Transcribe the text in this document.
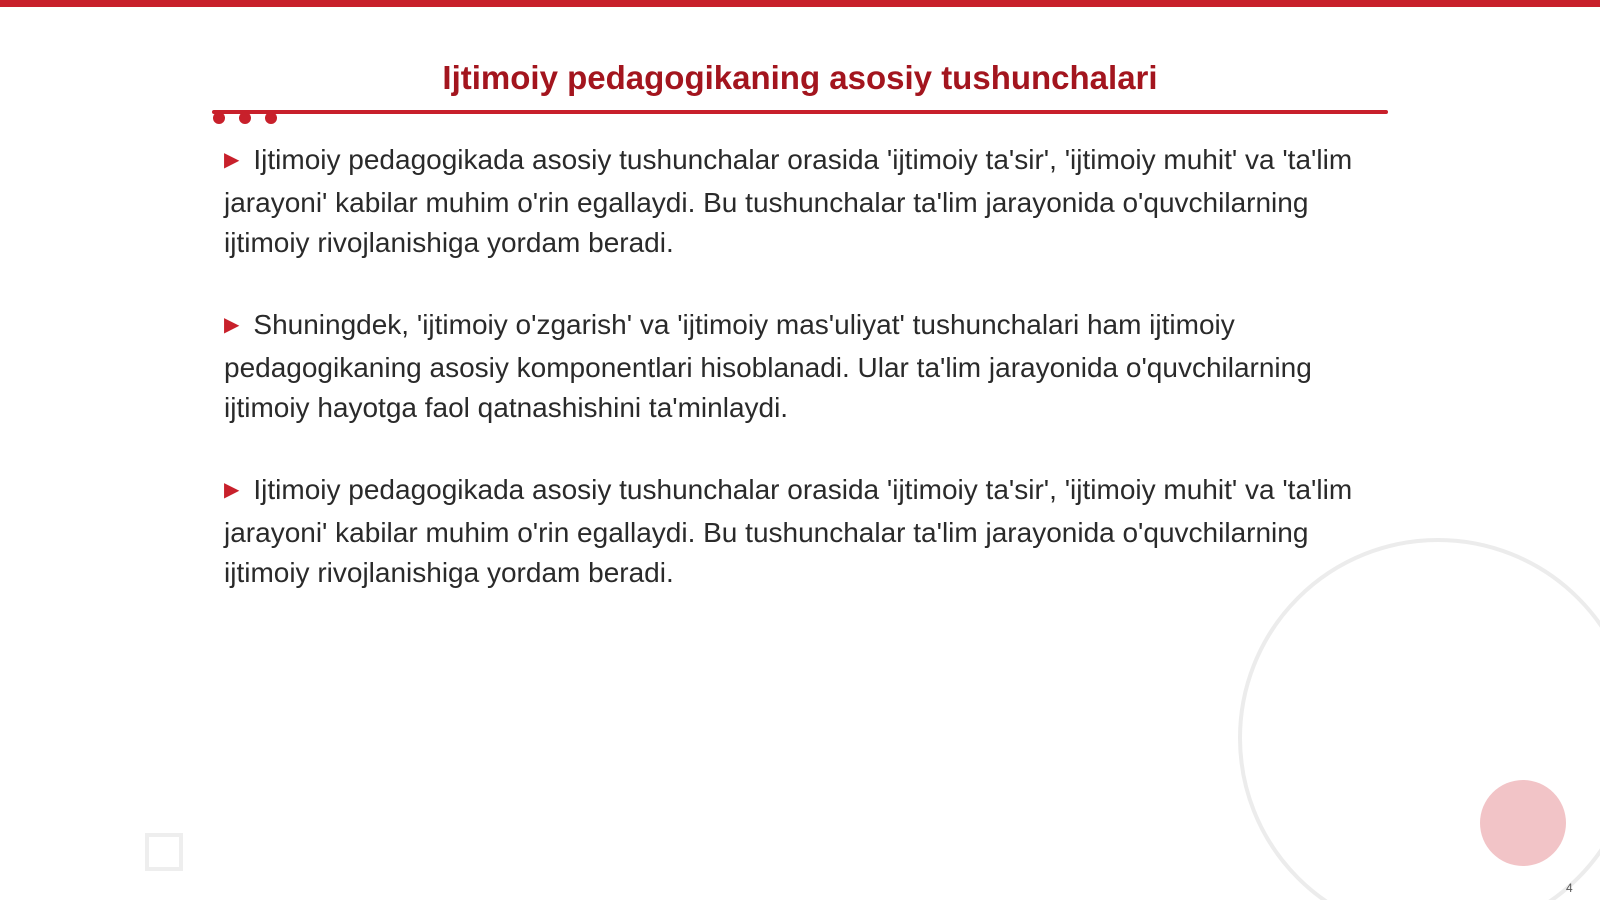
Ijtimoiy pedagogikaning asosiy tushunchalari

▶ Ijtimoiy pedagogikada asosiy tushunchalar orasida 'ijtimoiy ta'sir', 'ijtimoiy muhit' va 'ta'lim jarayoni' kabilar muhim o'rin egallaydi. Bu tushunchalar ta'lim jarayonida o'quvchilarning ijtimoiy rivojlanishiga yordam beradi.

▶ Shuningdek, 'ijtimoiy o'zgarish' va 'ijtimoiy mas'uliyat' tushunchalari ham ijtimoiy pedagogikaning asosiy komponentlari hisoblanadi. Ular ta'lim jarayonida o'quvchilarning ijtimoiy hayotga faol qatnashishini ta'minlaydi.

▶ Ijtimoiy pedagogikada asosiy tushunchalar orasida 'ijtimoiy ta'sir', 'ijtimoiy muhit' va 'ta'lim jarayoni' kabilar muhim o'rin egallaydi. Bu tushunchalar ta'lim jarayonida o'quvchilarning ijtimoiy rivojlanishiga yordam beradi.

4
